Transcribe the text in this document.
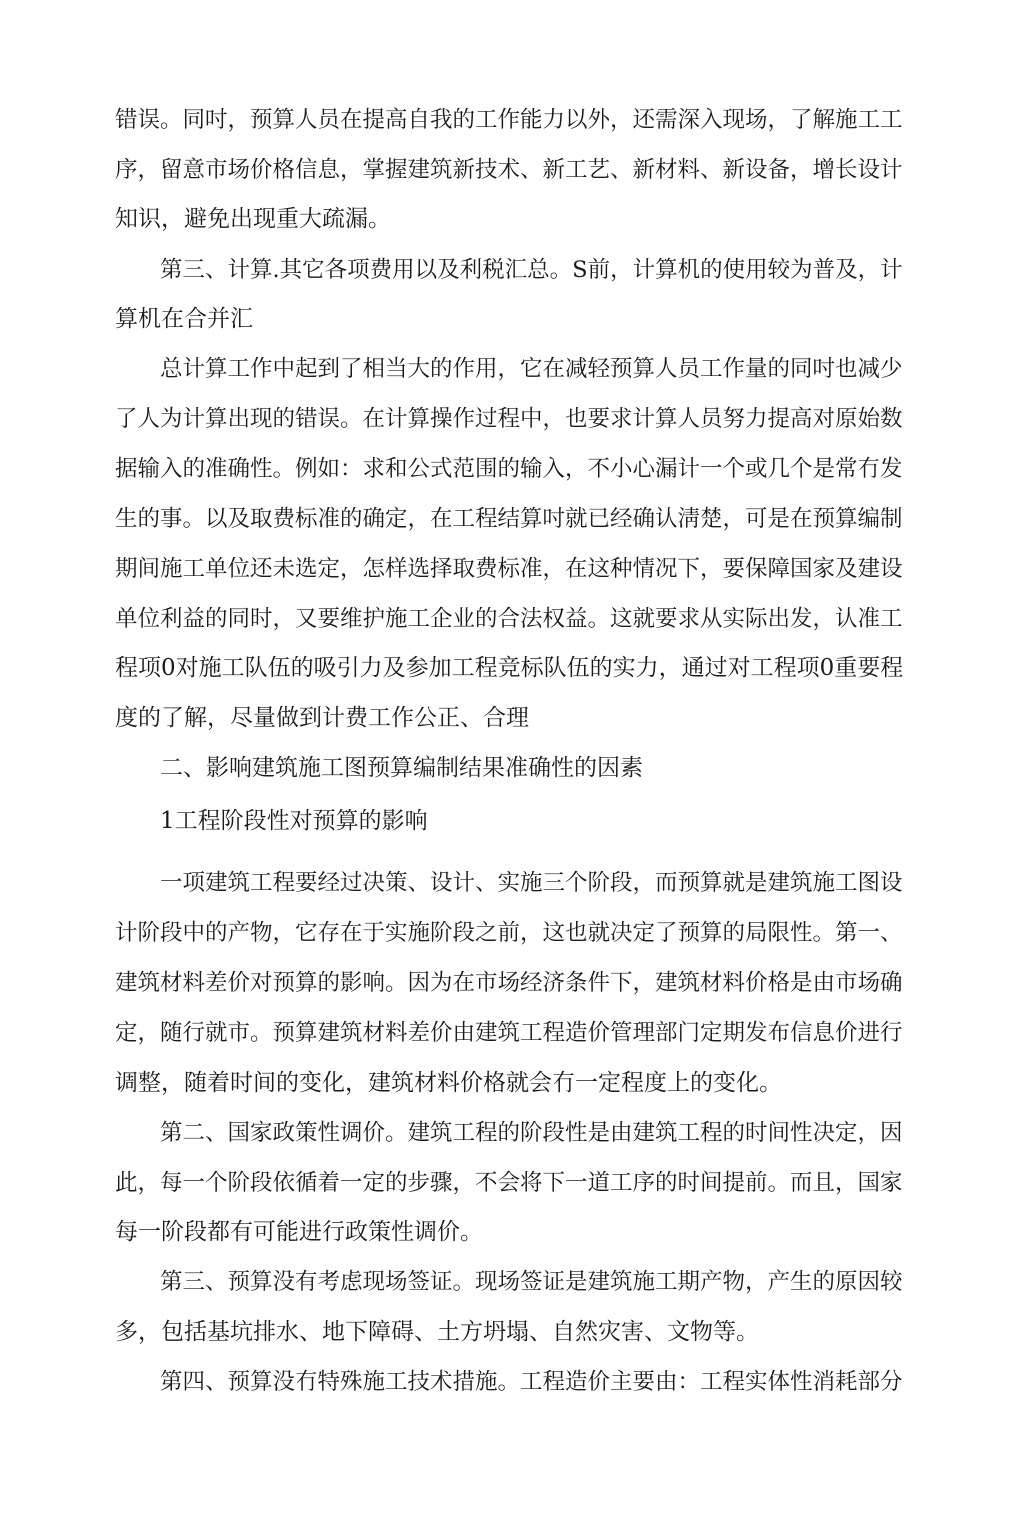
错误。同吋，预算人员在提高自我的工作能力以外，还需深入现场，了解施工工
序，留意市场价格信息，掌握建筑新技术、新工艺、新材料、新设备，增长设计
知识，避免出现重大疏漏。
第三、计算.其它各项费用以及利税汇总。S前，计算机的使用较为普及，计
算机在合并汇
总计算工作中起到了相当大的作用，它在减轻预算人员工作量的同吋也减少
了人为计算出现的错误。在计算操作过程中，也要求计算人员努力提高对原始数
据输入的准确性。例如：求和公式范围的输入，不小心漏计一个或几个是常冇发
生的事。以及取费标准的确定，在工程结算吋就已经确认淸楚，可是在预算编制
期间施工单位还未选定，怎样选择取费标准，在这种情况下，要保障国家及建设
单位利益的同时，又要维护施工企业的合法权益。这就要求从实际出发，认准工
程项0对施工队伍的吸引力及参加工程竞标队伍的实力，通过对工程项0重要程
度的了解，尽量做到计费工作公正、合理
二、影响建筑施工图预算编制结果准确性的因素
1工程阶段性对预算的影响
一项建筑工程要经过决策、设计、实施三个阶段，而预算就是建筑施工图设
计阶段中的产物，它存在于实施阶段之前，这也就决定了预算的局限性。第一、
建筑材料差价对预算的影响。因为在市场经济条件下，建筑材料价格是由市场确
定，随行就市。预算建筑材料差价由建筑工程造价管理部门定期发布信息价进行
调整，随着时间的变化，建筑材料价格就会冇一定程度上的变化。
第二、国家政策性调价。建筑工程的阶段性是由建筑工程的时间性决定，因
此，每一个阶段依循着一定的步骤，不会将下一道工序的时间提前。而且，国家
每一阶段都有可能进行政策性调价。
第三、预算没有考虑现场签证。现场签证是建筑施工期产物，产生的原因较
多，包括基坑排水、地下障碍、土方坍塌、自然灾害、文物等。
第四、预算没冇特殊施工技术措施。工程造价主要由：工程实体性消耗部分
